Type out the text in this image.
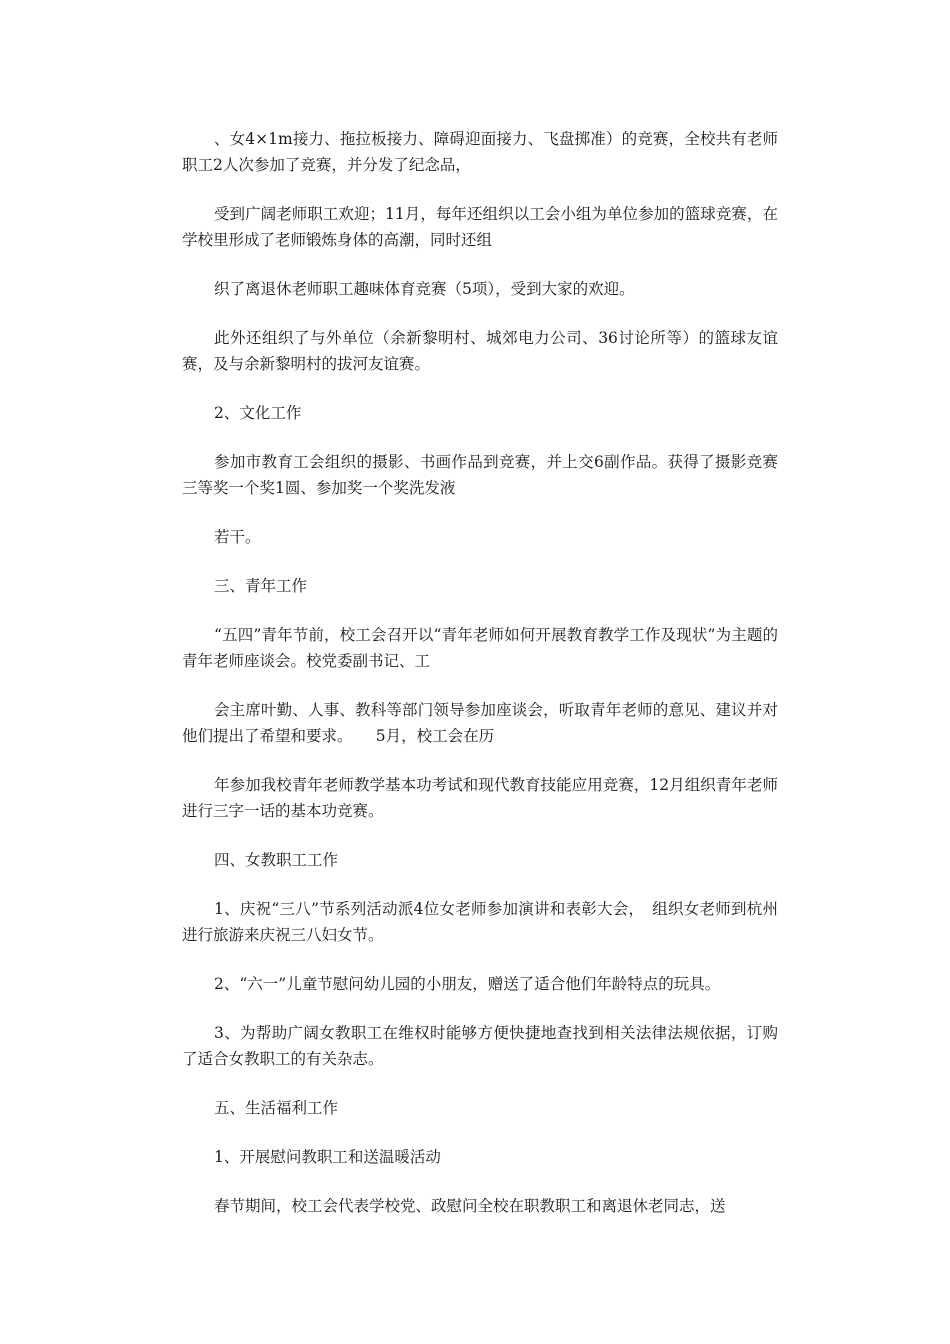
、女4×1m接力、拖拉板接力、障碍迎面接力、飞盘掷准）的竞赛，全校共有老师职工2人次参加了竞赛，并分发了纪念品，

受到广阔老师职工欢迎；11月，每年还组织以工会小组为单位参加的篮球竞赛，在学校里形成了老师锻炼身体的高潮，同时还组

织了离退休老师职工趣味体育竞赛（5项），受到大家的欢迎。

此外还组织了与外单位（余新黎明村、城郊电力公司、36讨论所等）的篮球友谊赛，及与余新黎明村的拔河友谊赛。

2、文化工作

参加市教育工会组织的摄影、书画作品到竞赛，并上交6副作品。获得了摄影竞赛三等奖一个奖1圆、参加奖一个奖洗发液

若干。

三、青年工作

“五四”青年节前，校工会召开以“青年老师如何开展教育教学工作及现状”为主题的青年老师座谈会。校党委副书记、工

会主席叶勤、人事、教科等部门领导参加座谈会，听取青年老师的意见、建议并对他们提出了希望和要求。　　5月，校工会在历

年参加我校青年老师教学基本功考试和现代教育技能应用竞赛，12月组织青年老师进行三字一话的基本功竞赛。

四、女教职工工作

1、庆祝“三八”节系列活动派4位女老师参加演讲和表彰大会，　组织女老师到杭州进行旅游来庆祝三八妇女节。

2、“六一”儿童节慰问幼儿园的小朋友，赠送了适合他们年龄特点的玩具。

3、为帮助广阔女教职工在维权时能够方便快捷地查找到相关法律法规依据，订购了适合女教职工的有关杂志。

五、生活福利工作

1、开展慰问教职工和送温暖活动

春节期间，校工会代表学校党、政慰问全校在职教职工和离退休老同志，送
